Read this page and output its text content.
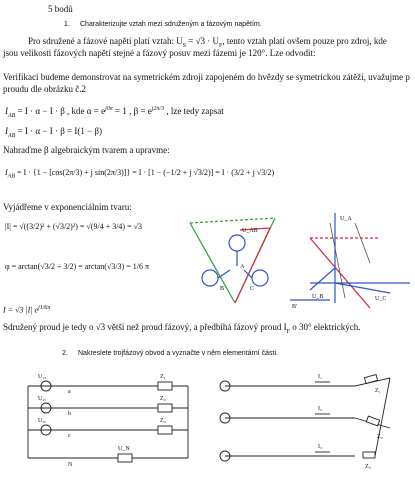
5 bodů
1. Charakterizujte vztah mezi sdruženým a fázovým napětím.
Pro sdružené a fázové napětí platí vztah: $U_S = √3 \cdot U_F$, tento vztah platí ovšem pouze pro zdroj, kde
jsou velikosti fázových napětí stejné a fázový posuv mezi fázemi je 120°. Lze odvodit:
Verifikaci budeme demonstrovat na symetrickém zdroji zapojeném do hvězdy se symetrickou zátěží, uvažujme p
proudu dle obrázku č.2
$I_{AB} = I \cdot \alpha - I \cdot \beta$ , kde $\alpha = e^{j0\pi} = 1$ , $\beta = e^{j2\pi/3}$ , lze tedy zapsat
$I_{AB} = I \cdot \alpha - I \cdot \beta = I(1 - \beta)$
Nahraďme β algebraickým tvarem a upravme:
$I_{AB} = I \cdot \{1 - [\cos(2\pi/3) + j$ sin(2π/3)]} = I · [1 − (−1/2 + j √3/2)] = I · (3/2 + j √3/2)
Vyjádřeme v exponenciálním tvaru:
|I| = √((3/2)² + (√3/2)²) = √(9/4 + 3/4) = √3
φ = arctan(√3/2 ÷ 3/2) = arctan(√3/3) = 1/6 π
I = √3 |I| $e^{j1/6\pi}$
Sdružený proud je tedy o √3 větší než proud fázový, a předbíhá fázový proud $I_F$ o 30° elektrických.
2. Nakreslete trojfázový obvod a vyznačte v něm elementární části.
U_AB
A
B	C
B'
U_A
U_C
U_B
U₁ₐ
U₂ₐ
U₃ₐ
a
b
c
U_N
N
Z₁
Z₂
Z₃
I₁
I₂
I₃
Z₁
Z₂
Z₃
